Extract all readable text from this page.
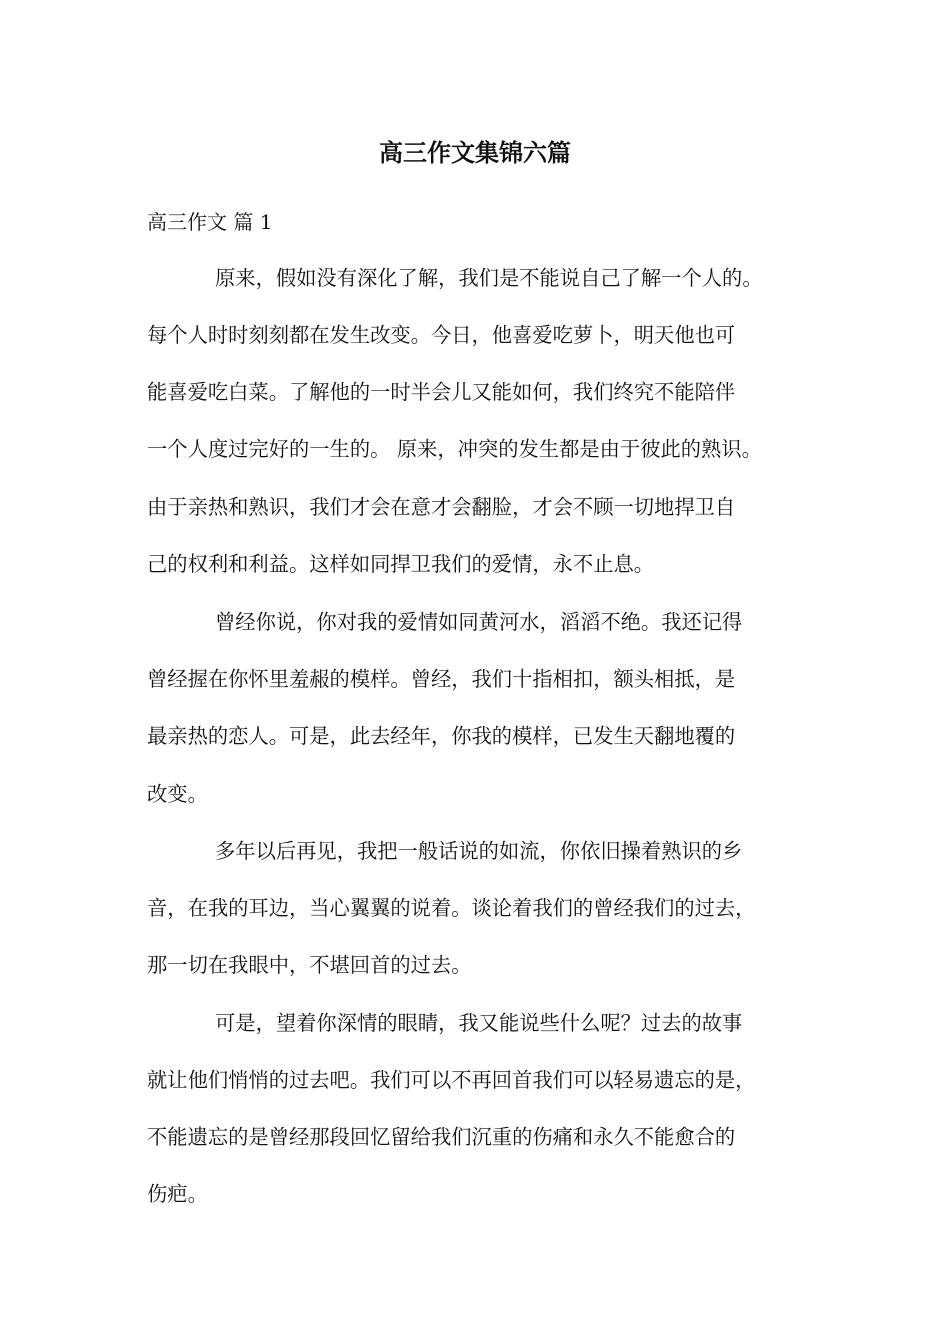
高三作文集锦六篇
高三作文 篇 1
原来，假如没有深化了解，我们是不能说自己了解一个人的。
每个人时时刻刻都在发生改变。今日，他喜爱吃萝卜，明天他也可
能喜爱吃白菜。了解他的一时半会儿又能如何，我们终究不能陪伴
一个人度过完好的一生的。 原来，冲突的发生都是由于彼此的熟识。
由于亲热和熟识，我们才会在意才会翻脸，才会不顾一切地捍卫自
己的权利和利益。这样如同捍卫我们的爱情，永不止息。
曾经你说，你对我的爱情如同黄河水，滔滔不绝。我还记得
曾经握在你怀里羞赧的模样。曾经，我们十指相扣，额头相抵，是
最亲热的恋人。可是，此去经年，你我的模样，已发生天翻地覆的
改变。
多年以后再见，我把一般话说的如流，你依旧操着熟识的乡
音，在我的耳边，当心翼翼的说着。谈论着我们的曾经我们的过去，
那一切在我眼中，不堪回首的过去。
可是，望着你深情的眼睛，我又能说些什么呢？过去的故事
就让他们悄悄的过去吧。我们可以不再回首我们可以轻易遗忘的是，
不能遗忘的是曾经那段回忆留给我们沉重的伤痛和永久不能愈合的
伤疤。
